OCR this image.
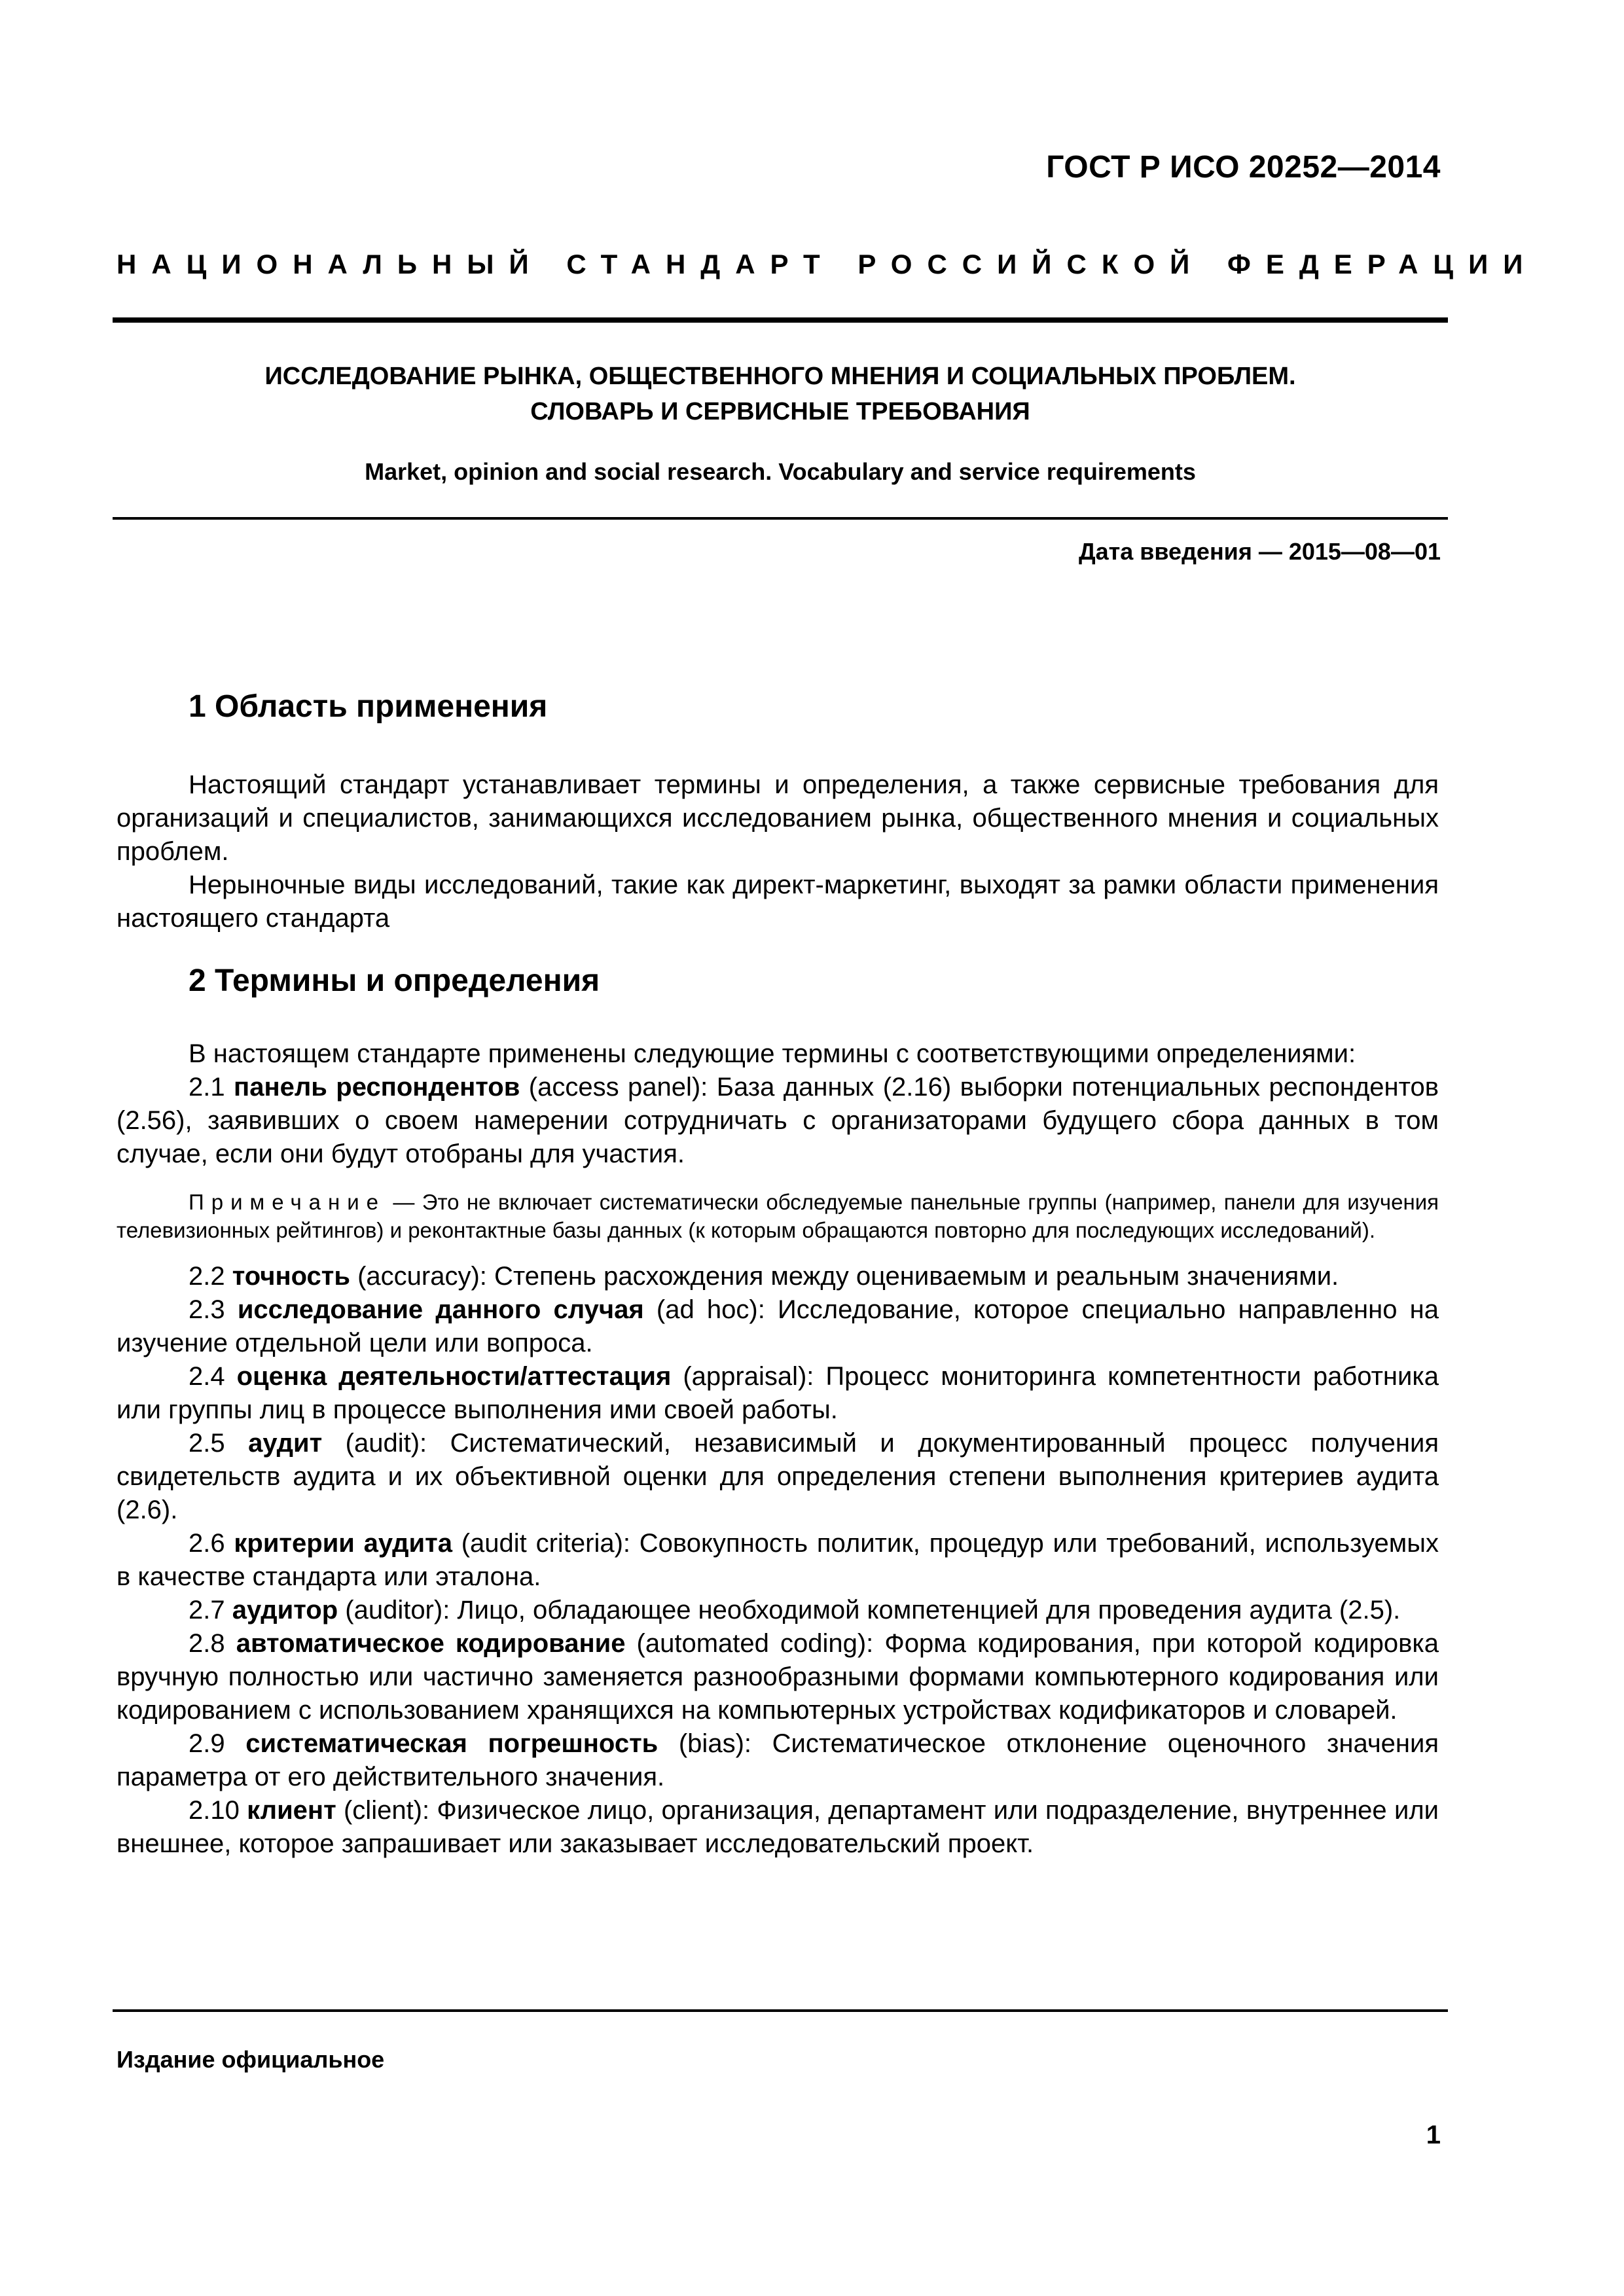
ГОСТ Р ИСО 20252—2014
НАЦИОНАЛЬНЫЙ СТАНДАРТ РОССИЙСКОЙ ФЕДЕРАЦИИ
ИССЛЕДОВАНИЕ РЫНКА, ОБЩЕСТВЕННОГО МНЕНИЯ И СОЦИАЛЬНЫХ ПРОБЛЕМ.
СЛОВАРЬ И СЕРВИСНЫЕ ТРЕБОВАНИЯ
Market, opinion and social research. Vocabulary and service requirements
Дата введения — 2015—08—01
1 Область применения

Настоящий стандарт устанавливает термины и определения, а также сервисные требования для организаций и специалистов, занимающихся исследованием рынка, общественного мнения и социальных проблем.

Нерыночные виды исследований, такие как директ-маркетинг, выходят за рамки области применения настоящего стандарта

2 Термины и определения

В настоящем стандарте применены следующие термины с соответствующими определениями:

2.1 панель респондентов (access panel): База данных (2.16) выборки потенциальных респондентов (2.56), заявивших о своем намерении сотрудничать с организаторами будущего сбора данных в том случае, если они будут отобраны для участия.

Примечание — Это не включает систематически обследуемые панельные группы (например, панели для изучения телевизионных рейтингов) и реконтактные базы данных (к которым обращаются повторно для последующих исследований).

2.2 точность (accuracy): Степень расхождения между оцениваемым и реальным значениями.

2.3 исследование данного случая (ad hoc): Исследование, которое специально направленно на изучение отдельной цели или вопроса.

2.4 оценка деятельности/аттестация (appraisal): Процесс мониторинга компетентности работника или группы лиц в процессе выполнения ими своей работы.

2.5 аудит (audit): Систематический, независимый и документированный процесс получения свидетельств аудита и их объективной оценки для определения степени выполнения критериев аудита (2.6).

2.6 критерии аудита (audit criteria): Совокупность политик, процедур или требований, используемых в качестве стандарта или эталона.

2.7 аудитор (auditor): Лицо, обладающее необходимой компетенцией для проведения аудита (2.5).

2.8 автоматическое кодирование (automated coding): Форма кодирования, при которой кодировка вручную полностью или частично заменяется разнообразными формами компьютерного кодирования или кодированием с использованием хранящихся на компьютерных устройствах кодификаторов и словарей.

2.9 систематическая погрешность (bias): Систематическое отклонение оценочного значения параметра от его действительного значения.

2.10 клиент (client): Физическое лицо, организация, департамент или подразделение, внутреннее или внешнее, которое запрашивает или заказывает исследовательский проект.

Издание официальное
1
